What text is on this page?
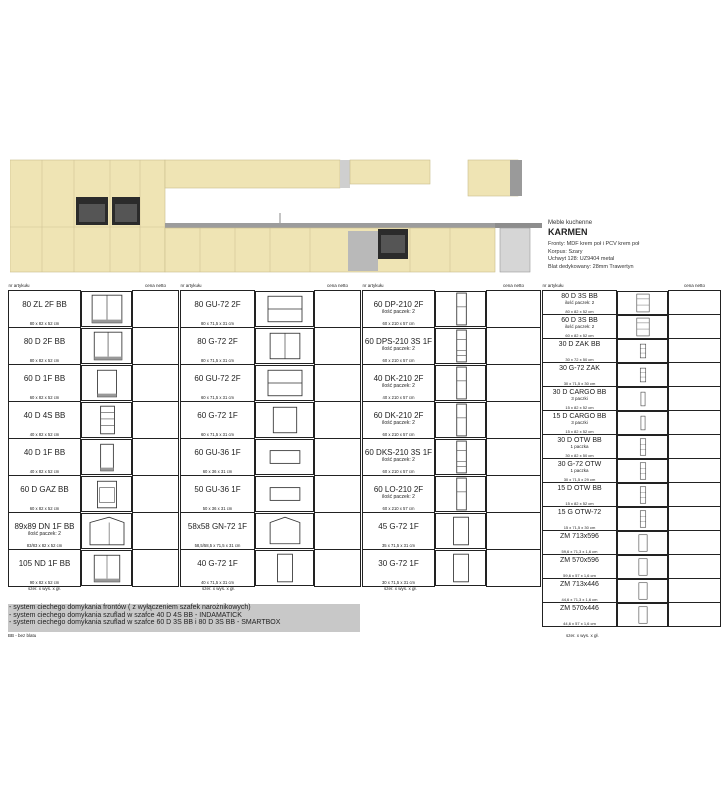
Meble kuchenne
KARMEN
Fronty: MDF krem poł i PCV krem poł
Korpus: Szary
Uchwyt 128: UZ9404 metal
Blat dedykowany: 28mm Trawertyn
nr artykułu		cena netto

80 ZL 2F BB
80 x 82 x 52 cm

80 D 2F BB
80 x 82 x 52 cm

60 D 1F BB
60 x 82 x 52 cm

40 D 4S BB
40 x 82 x 52 cm

40 D 1F BB
40 x 82 x 52 cm

60 D GAZ BB
60 x 82 x 52 cm

89x89 DN 1F BB
ilość paczek: 2
83/83 x 82 x 52 cm

105 ND 1F BB
90 x 82 x 52 cm

nr artykułu		cena netto

80 GU-72 2F
80 x 71,5 x 31 cm

80 G-72 2F
80 x 71,5 x 31 cm

60 GU-72 2F
60 x 71,5 x 31 cm

60 G-72 1F
60 x 71,5 x 31 cm

60 GU-36 1F
60 x 36 x 31 cm

50 GU-36 1F
50 x 36 x 31 cm

58x58 GN-72 1F
58,5/58,5 x 71,5 x 31 cm

40 G-72 1F
40 x 71,5 x 31 cm

nr artykułu		cena netto

60 DP-210 2F
ilość paczek: 2
60 x 210 x 57 cm

60 DPS-210 3S 1F
ilość paczek: 2
60 x 210 x 57 cm

40 DK-210 2F
ilość paczek: 2
40 x 210 x 57 cm

60 DK-210 2F
ilość paczek: 2
60 x 210 x 57 cm

60 DKS-210 3S 1F
ilość paczek: 2
60 x 210 x 57 cm

60 LO-210 2F
ilość paczek: 2
60 x 210 x 57 cm

45 G-72 1F
35 x 71,5 x 31 cm

30 G-72 1F
30 x 71,5 x 31 cm

nr artykułu		cena netto

80 D 3S BB
ilość paczek: 2
80 x 82 x 52 cm

60 D 3S BB
ilość paczek: 2
60 x 82 x 52 cm

30 D ZAK BB
30 x 72 x 50 cm

30 G-72 ZAK
30 x 71,5 x 30 cm

30 D CARGO BB
3 paczki
15 x 82 x 52 cm

15 D CARGO BB
3 paczki
15 x 82 x 52 cm

30 D OTW BB
1 paczka
30 x 82 x 50 cm

30 G-72 OTW
1 paczka
30 x 71,5 x 29 cm

15 D OTW BB
15 x 82 x 52 cm

15 G OTW-72
15 x 71,5 x 30 cm

ZM 713x596
59,6 x 71,3 x 1,6 cm

ZM 570x596
59,6 x 57 x 1,6 cm

ZM 713x446
44,6 x 71,3 x 1,6 cm

ZM 570x446
44,6 x 57 x 1,6 cm

szer. x wys. x gł.	szer. x wys. x gł.	szer. x wys. x gł.
szer. x wys. x gł.
- system ciechego domykania frontów ( z wyłączeniem szafek narożnikowych)
- system ciechego domykania szuflad w szafce 40 D 4S BB - INDAMATICK
- system ciechego domykania szuflad w szafce 60 D 3S BB i 80 D 3S BB - SMARTBOX
BB - bez blatu
